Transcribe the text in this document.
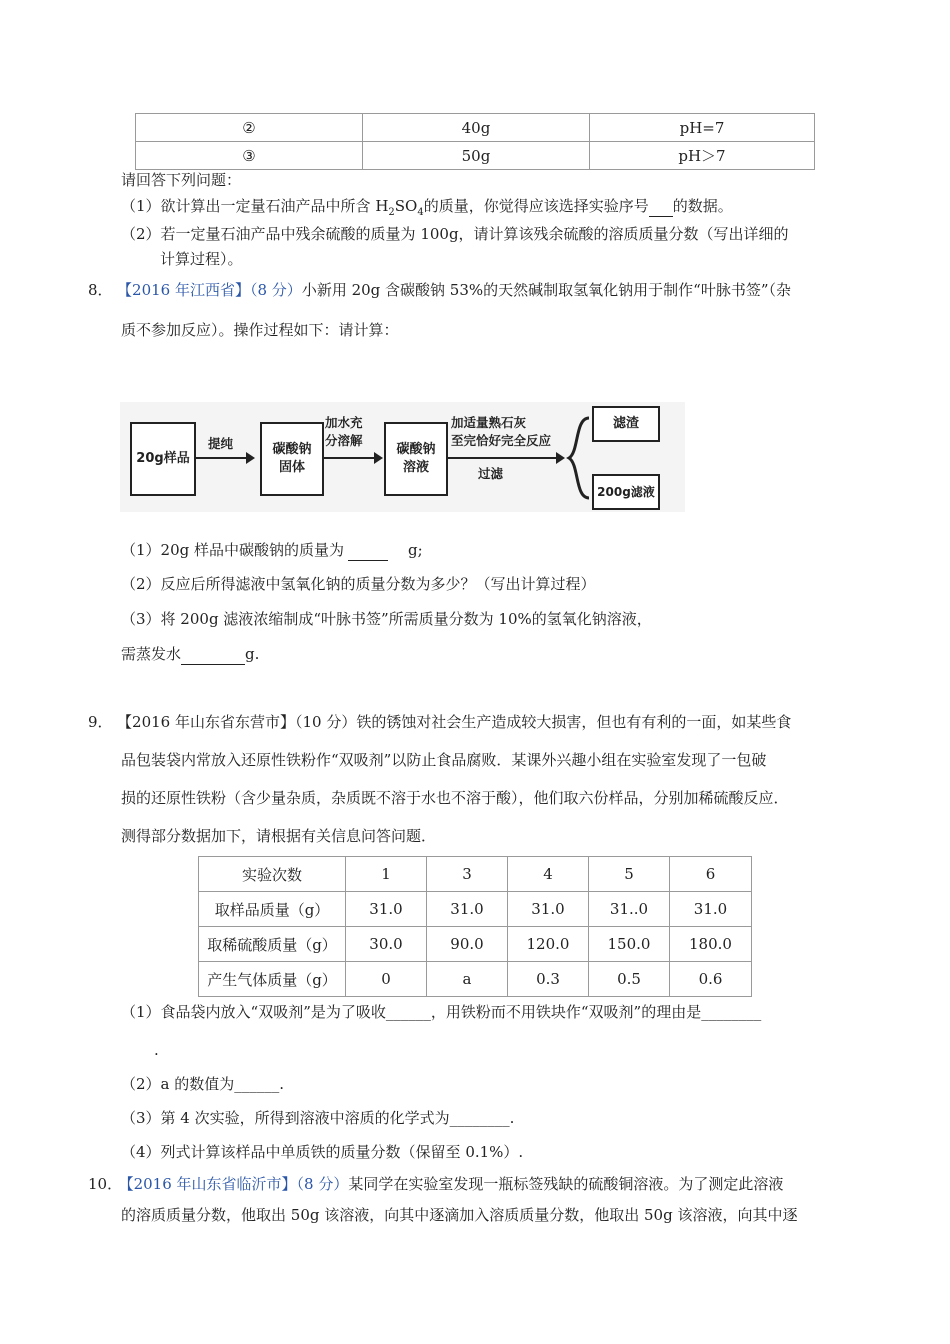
②	40g	pH=7
③	50g	pH＞7
请回答下列问题：
（1）欲计算出一定量石油产品中所含 $H_2SO_4$的质量，你觉得应该选择实验序号 的数据。
（2）若一定量石油产品中残余硫酸的质量为 100g，请计算该残余硫酸的溶质质量分数（写出详细的
计算过程）。
8． 【2016 年江西省】（8 分）小新用 20g 含碳酸钠 53%的天然碱制取氢氧化钠用于制作“叶脉书签”（杂
质不参加反应）。操作过程如下：请计算：
20g样品
提纯	碳酸钠
固体
加水充
分溶解
碳酸钠
溶液
加适量熟石灰
至完恰好完全反应
过滤
滤渣
200g滤液
（1）20g 样品中碳酸钠的质量为	g;
（2）反应后所得滤液中氢氧化钠的质量分数为多少？（写出计算过程）
（3）将 200g 滤液浓缩制成“叶脉书签”所需质量分数为 10%的氢氧化钠溶液，
需蒸发水	g.
9． 【2016 年山东省东营市】（10 分）铁的锈蚀对社会生产造成较大损害，但也有有利的一面，如某些食
品包装袋内常放入还原性铁粉作“双吸剂”以防止食品腐败．某课外兴趣小组在实验室发现了一包破
损的还原性铁粉（含少量杂质，杂质既不溶于水也不溶于酸），他们取六份样品，分别加稀硫酸反应．
测得部分数据加下，请根据有关信息问答问题．
实验次数	1	3	4	5	6
取样品质量（g）	31.0	31.0	31.0	31..0	31.0
取稀硫酸质量（g）	30.0	90.0	120.0	150.0	180.0
产生气体质量（g）	0	a	0.3	0.5	0.6
（1）食品袋内放入“双吸剂”是为了吸收______，用铁粉而不用铁块作“双吸剂”的理由是________
.
（2）a 的数值为______.
（3）第 4 次实验，所得到溶液中溶质的化学式为________.
（4）列式计算该样品中单质铁的质量分数（保留至 0.1%）.
10． 【2016 年山东省临沂市】（8 分）某同学在实验室发现一瓶标签残缺的硫酸铜溶液。为了测定此溶液
的溶质质量分数，他取出 50g 该溶液，向其中逐滴加入溶质质量分数，他取出 50g 该溶液，向其中逐
